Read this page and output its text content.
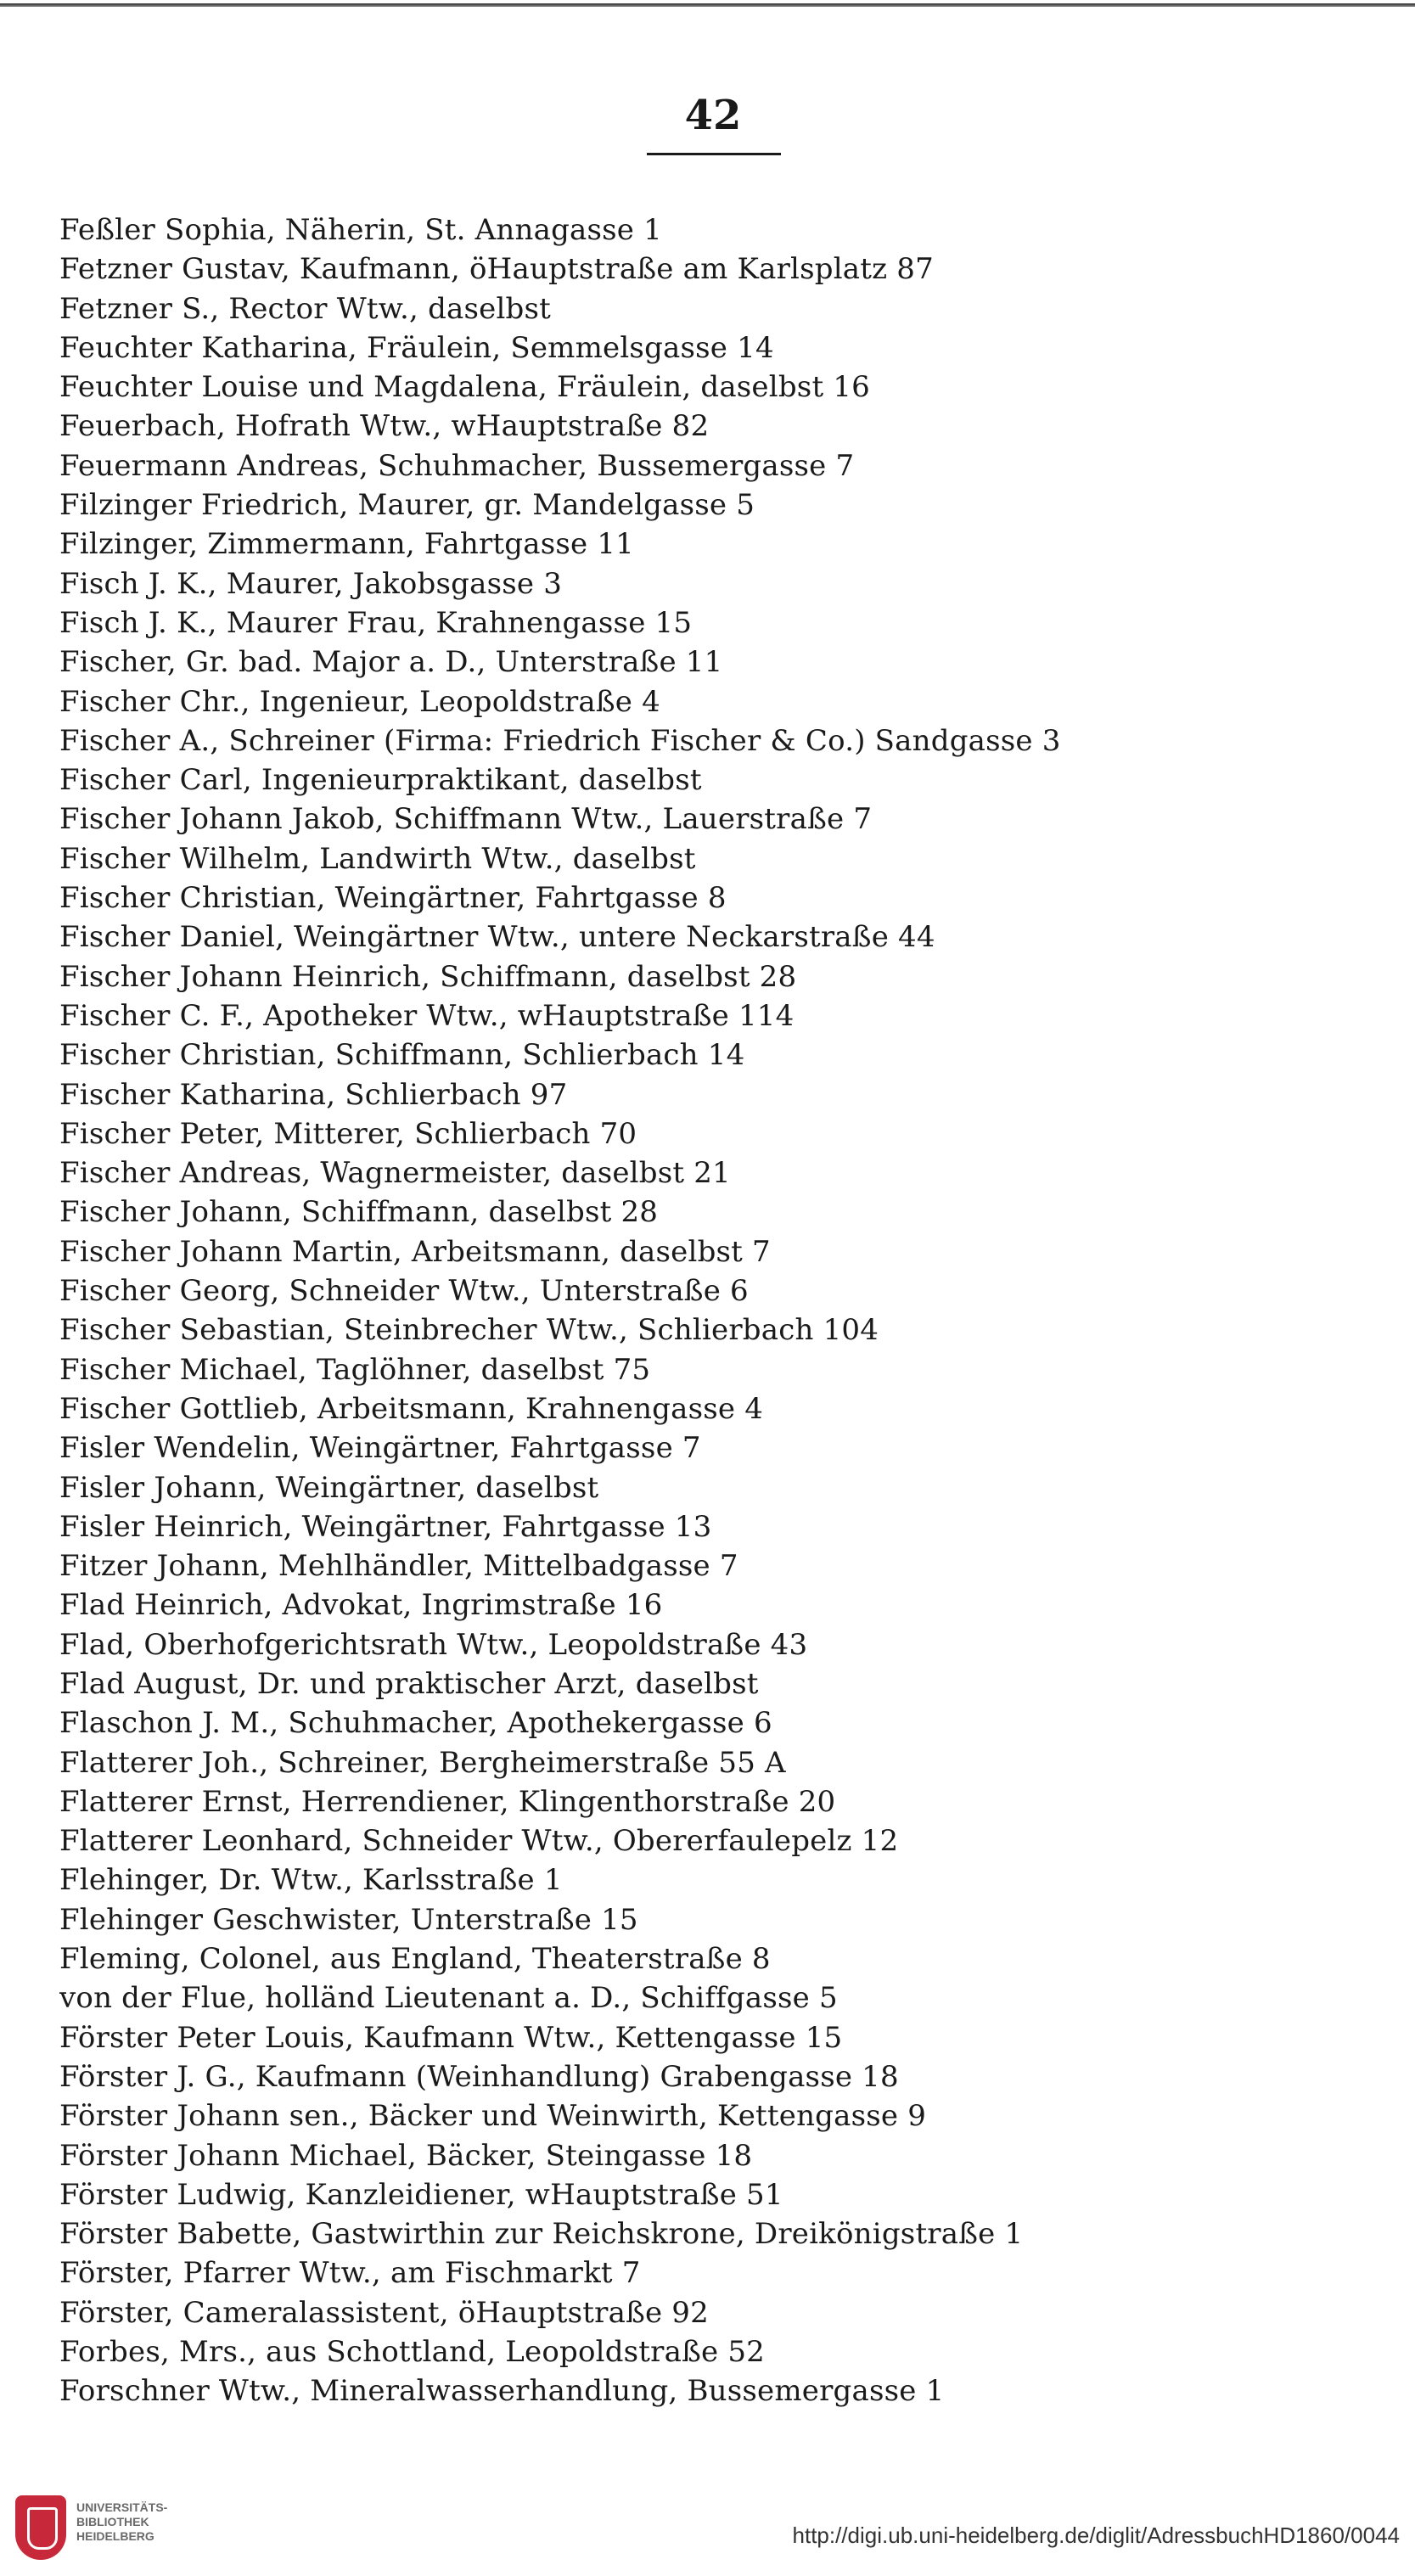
42
Feßler Sophia, Näherin, St. Annagasse 1
Fetzner Gustav, Kaufmann, öHauptstraße am Karlsplatz 87
Fetzner S., Rector Wtw., daselbst
Feuchter Katharina, Fräulein, Semmelsgasse 14
Feuchter Louise und Magdalena, Fräulein, daselbst 16
Feuerbach, Hofrath Wtw., wHauptstraße 82
Feuermann Andreas, Schuhmacher, Bussemergasse 7
Filzinger Friedrich, Maurer, gr. Mandelgasse 5
Filzinger, Zimmermann, Fahrtgasse 11
Fisch J. K., Maurer, Jakobsgasse 3
Fisch J. K., Maurer Frau, Krahnengasse 15
Fischer, Gr. bad. Major a. D., Unterstraße 11
Fischer Chr., Ingenieur, Leopoldstraße 4
Fischer A., Schreiner (Firma: Friedrich Fischer & Co.) Sandgasse 3
Fischer Carl, Ingenieurpraktikant, daselbst
Fischer Johann Jakob, Schiffmann Wtw., Lauerstraße 7
Fischer Wilhelm, Landwirth Wtw., daselbst
Fischer Christian, Weingärtner, Fahrtgasse 8
Fischer Daniel, Weingärtner Wtw., untere Neckarstraße 44
Fischer Johann Heinrich, Schiffmann, daselbst 28
Fischer C. F., Apotheker Wtw., wHauptstraße 114
Fischer Christian, Schiffmann, Schlierbach 14
Fischer Katharina, Schlierbach 97
Fischer Peter, Mitterer, Schlierbach 70
Fischer Andreas, Wagnermeister, daselbst 21
Fischer Johann, Schiffmann, daselbst 28
Fischer Johann Martin, Arbeitsmann, daselbst 7
Fischer Georg, Schneider Wtw., Unterstraße 6
Fischer Sebastian, Steinbrecher Wtw., Schlierbach 104
Fischer Michael, Taglöhner, daselbst 75
Fischer Gottlieb, Arbeitsmann, Krahnengasse 4
Fisler Wendelin, Weingärtner, Fahrtgasse 7
Fisler Johann, Weingärtner, daselbst
Fisler Heinrich, Weingärtner, Fahrtgasse 13
Fitzer Johann, Mehlhändler, Mittelbadgasse 7
Flad Heinrich, Advokat, Ingrimstraße 16
Flad, Oberhofgerichtsrath Wtw., Leopoldstraße 43
Flad August, Dr. und praktischer Arzt, daselbst
Flaschon J. M., Schuhmacher, Apothekergasse 6
Flatterer Joh., Schreiner, Bergheimerstraße 55 A
Flatterer Ernst, Herrendiener, Klingenthorstraße 20
Flatterer Leonhard, Schneider Wtw., Obererfaulepelz 12
Flehinger, Dr. Wtw., Karlsstraße 1
Flehinger Geschwister, Unterstraße 15
Fleming, Colonel, aus England, Theaterstraße 8
von der Flue, holländ Lieutenant a. D., Schiffgasse 5
Förster Peter Louis, Kaufmann Wtw., Kettengasse 15
Förster J. G., Kaufmann (Weinhandlung) Grabengasse 18
Förster Johann sen., Bäcker und Weinwirth, Kettengasse 9
Förster Johann Michael, Bäcker, Steingasse 18
Förster Ludwig, Kanzleidiener, wHauptstraße 51
Förster Babette, Gastwirthin zur Reichskrone, Dreikönigstraße 1
Förster, Pfarrer Wtw., am Fischmarkt 7
Förster, Cameralassistent, öHauptstraße 92
Forbes, Mrs., aus Schottland, Leopoldstraße 52
Forschner Wtw., Mineralwasserhandlung, Bussemergasse 1
UNIVERSITÄTS-
BIBLIOTHEK
HEIDELBERG	http://digi.ub.uni-heidelberg.de/diglit/AdressbuchHD1860/0044
